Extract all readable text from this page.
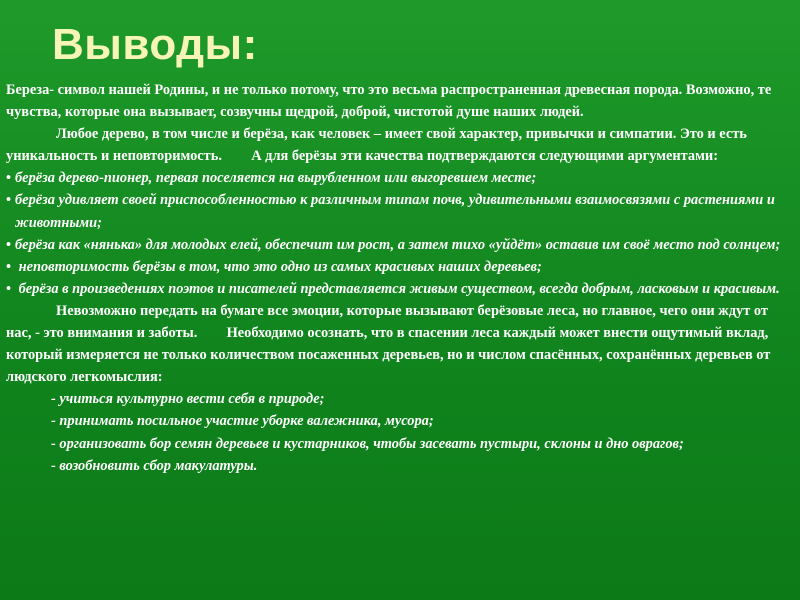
Выводы:

Береза- символ нашей Родины, и не только потому, что это весьма распространенная древесная порода. Возможно, те чувства, которые она вызывает, созвучны щедрой, доброй, чистотой душе наших людей.

Любое дерево, в том числе и берёза, как человек – имеет свой характер, привычки и симпатии. Это и есть уникальность и неповторимость. А для берёзы эти качества подтверждаются следующими аргументами:

• берёза дерево-пионер, первая поселяется на вырубленном или выгоревшем месте;

• берёза удивляет своей приспособленностью к различным типам почв, удивительными взаимосвязями с растениями и животными;

• берёза как «нянька» для молодых елей, обеспечит им рост, а затем тихо «уйдёт» оставив им своё место под солнцем;

• неповторимость берёзы в том, что это одно из самых красивых наших деревьев;

• берёза в произведениях поэтов и писателей представляется живым существом, всегда добрым, ласковым и красивым.

Невозможно передать на бумаге все эмоции, которые вызывают берёзовые леса, но главное, чего они ждут от нас, - это внимания и заботы. Необходимо осознать, что в спасении леса каждый может внести ощутимый вклад, который измеряется не только количеством посаженных деревьев, но и числом спасённых, сохранённых деревьев от людского легкомыслия:

- учиться культурно вести себя в природе;

- принимать посильное участие уборке валежника, мусора;

- организовать бор семян деревьев и кустарников, чтобы засевать пустыри, склоны и дно оврагов;

- возобновить сбор макулатуры.
